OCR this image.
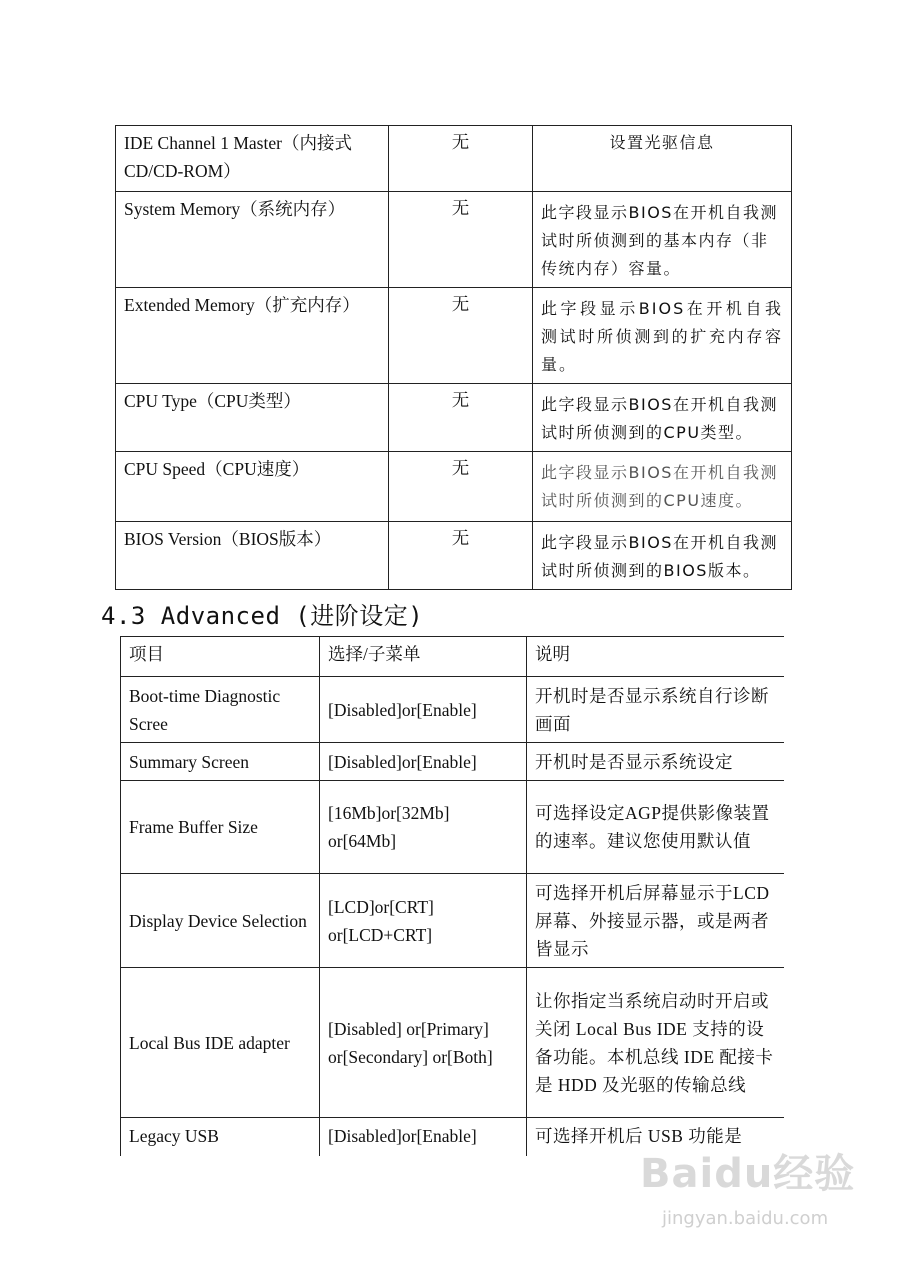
IDE Channel 1 Master（内接式 CD/CD-ROM）	无	设置光驱信息
System Memory（系统内存）	无	此字段显示BIOS在开机自我测试时所侦测到的基本内存（非传统内存）容量。
Extended Memory（扩充内存）	无	此字段显示BIOS在开机自我测试时所侦测到的扩充内存容量。
CPU Type（CPU类型）	无	此字段显示BIOS在开机自我测试时所侦测到的CPU类型。
CPU Speed（CPU速度）	无	此字段显示BIOS在开机自我测试时所侦测到的CPU速度。
BIOS Version（BIOS版本）	无	此字段显示BIOS在开机自我测试时所侦测到的BIOS版本。
4.3 Advanced (进阶设定)
项目	选择/子菜单	说明
Boot-time Diagnostic Scree	[Disabled]or[Enable]	开机时是否显示系统自行诊断画面
Summary Screen	[Disabled]or[Enable]	开机时是否显示系统设定
Frame Buffer Size	[16Mb]or[32Mb] or[64Mb]	可选择设定AGP提供影像装置的速率。建议您使用默认值
Display Device Selection	[LCD]or[CRT] or[LCD+CRT]	可选择开机后屏幕显示于LCD屏幕、外接显示器，或是两者皆显示
Local Bus IDE adapter	[Disabled] or[Primary] or[Secondary] or[Both]	让你指定当系统启动时开启或关闭 Local Bus IDE 支持的设备功能。本机总线 IDE 配接卡是 HDD 及光驱的传输总线
Legacy USB	[Disabled]or[Enable]	可选择开机后 USB 功能是
Baidu经验
jingyan.baidu.com
